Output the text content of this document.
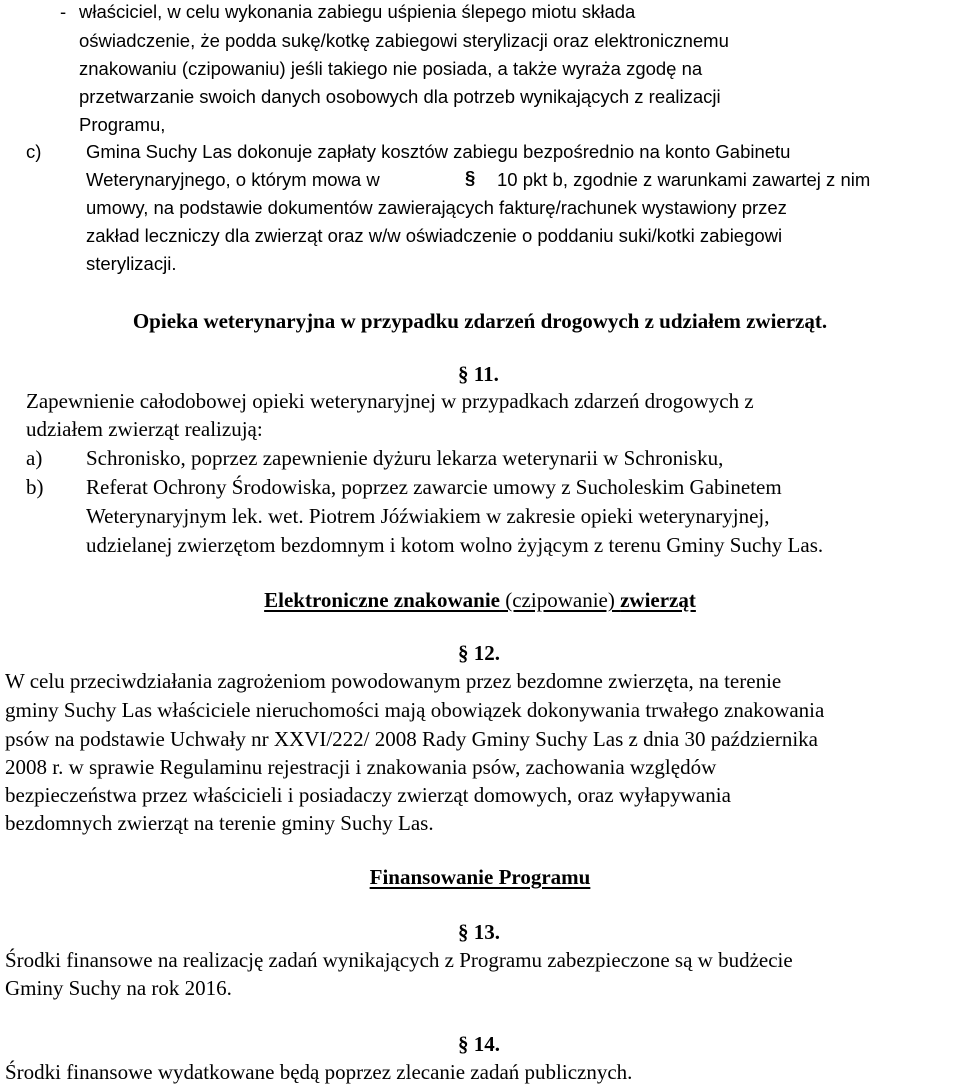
- właściciel, w celu wykonania zabiegu uśpienia ślepego miotu składa
oświadczenie, że podda sukę/kotkę zabiegowi sterylizacji oraz elektronicznemu
znakowaniu (czipowaniu) jeśli takiego nie posiada, a także wyraża zgodę na
przetwarzanie swoich danych osobowych dla potrzeb wynikających z realizacji
Programu,
c) Gmina Suchy Las dokonuje zapłaty kosztów zabiegu bezpośrednio na konto Gabinetu
Weterynaryjnego, o którym mowa w	§ 10 pkt b, zgodnie z warunkami zawartej z nim
umowy, na podstawie dokumentów zawierających fakturę/rachunek wystawiony przez
zakład leczniczy dla zwierząt oraz w/w oświadczenie o poddaniu suki/kotki zabiegowi
sterylizacji.
Opieka weterynaryjna w przypadku zdarzeń drogowych z udziałem zwierząt.
§ 11.
Zapewnienie całodobowej opieki weterynaryjnej w przypadkach zdarzeń drogowych z
udziałem zwierząt realizują:
a) Schronisko, poprzez zapewnienie dyżuru lekarza weterynarii w Schronisku,
b) Referat Ochrony Środowiska, poprzez zawarcie umowy z Sucholeskim Gabinetem
Weterynaryjnym lek. wet. Piotrem Jóźwiakiem w zakresie opieki weterynaryjnej,
udzielanej zwierzętom bezdomnym i kotom wolno żyjącym z terenu Gminy Suchy Las.
Elektroniczne znakowanie (czipowanie) zwierząt
§ 12.
W celu przeciwdziałania zagrożeniom powodowanym przez bezdomne zwierzęta, na terenie
gminy Suchy Las właściciele nieruchomości mają obowiązek dokonywania trwałego znakowania
psów na podstawie Uchwały nr XXVI/222/ 2008 Rady Gminy Suchy Las z dnia 30 października
2008 r. w sprawie Regulaminu rejestracji i znakowania psów, zachowania względów
bezpieczeństwa przez właścicieli i posiadaczy zwierząt domowych, oraz wyłapywania
bezdomnych zwierząt na terenie gminy Suchy Las.
Finansowanie Programu
§ 13.
Środki finansowe na realizację zadań wynikających z Programu zabezpieczone są w budżecie
Gminy Suchy na rok 2016.
§ 14.
Środki finansowe wydatkowane będą poprzez zlecanie zadań publicznych.
